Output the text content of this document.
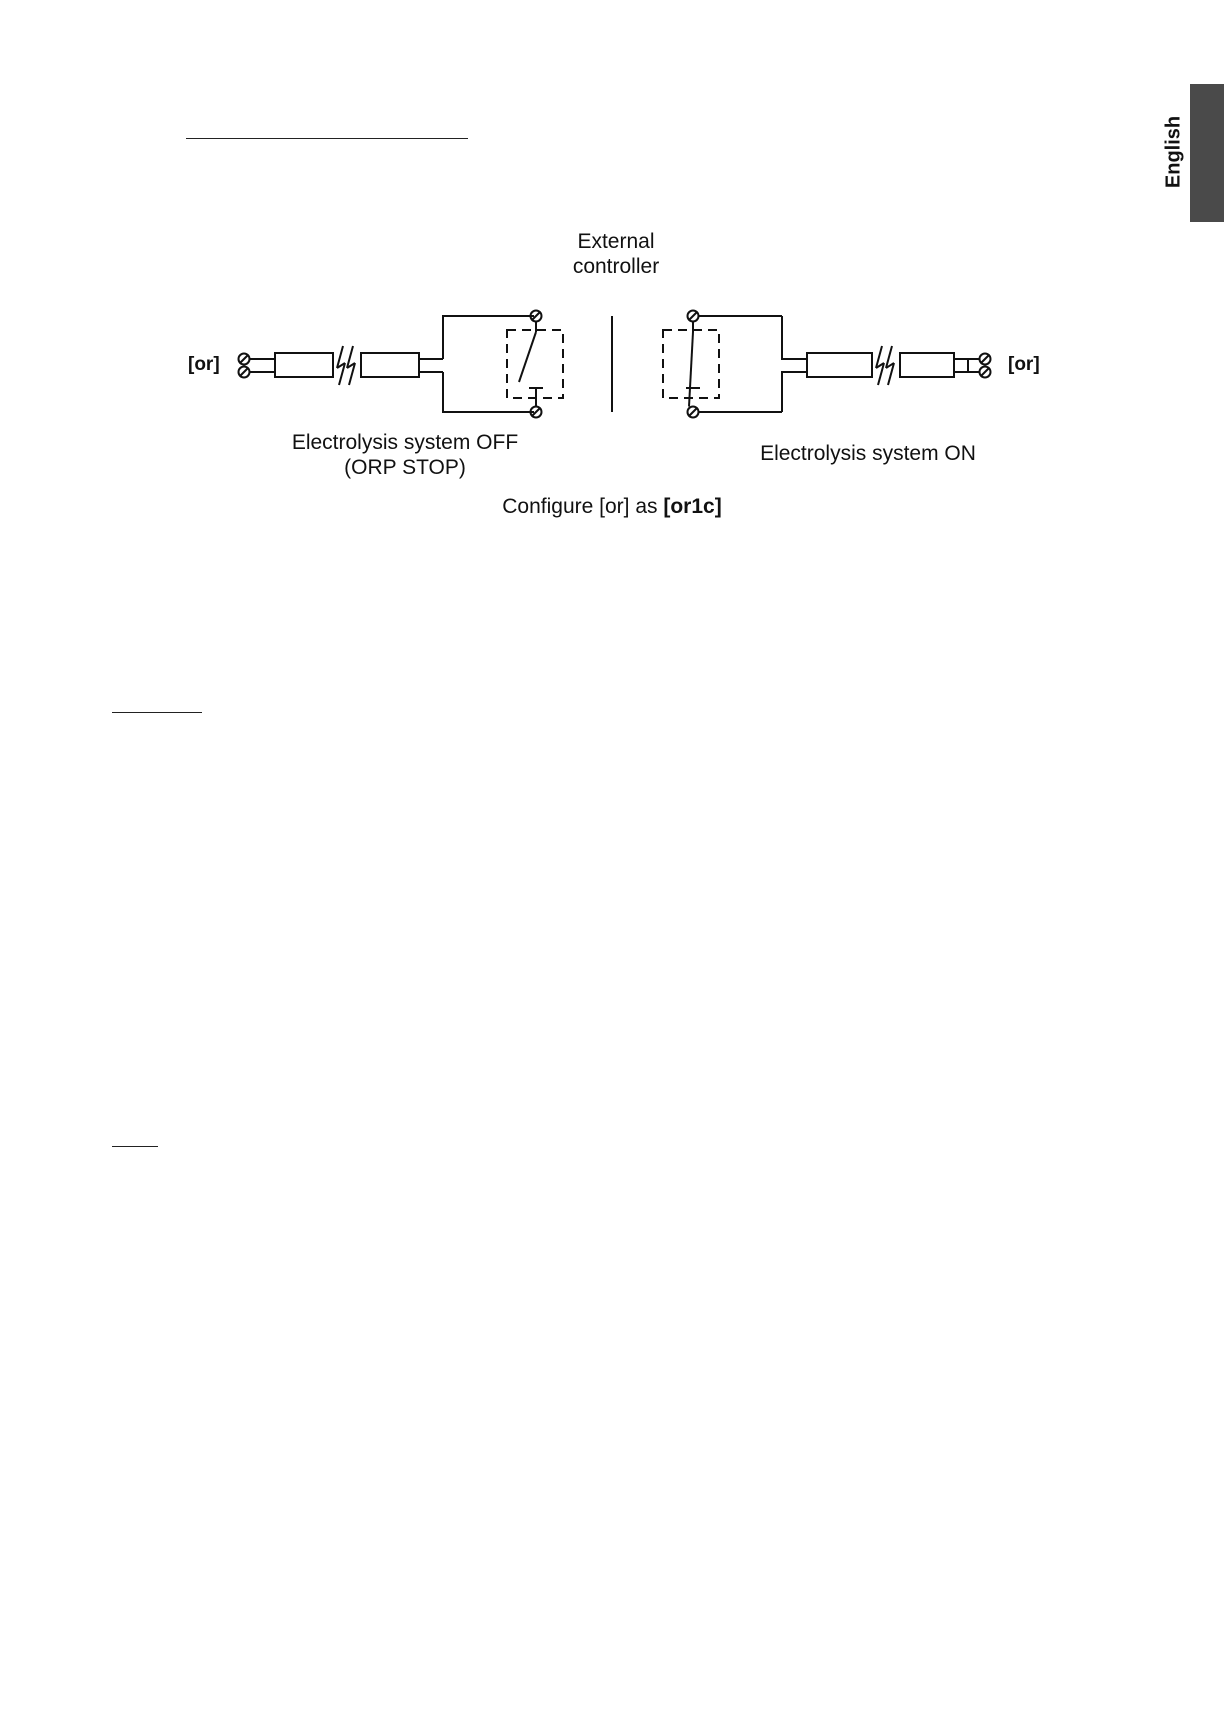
English
External
controller
[or]	[or]
Electrolysis system OFF
(ORP STOP)
Electrolysis system ON
Configure [or] as [or1c]
